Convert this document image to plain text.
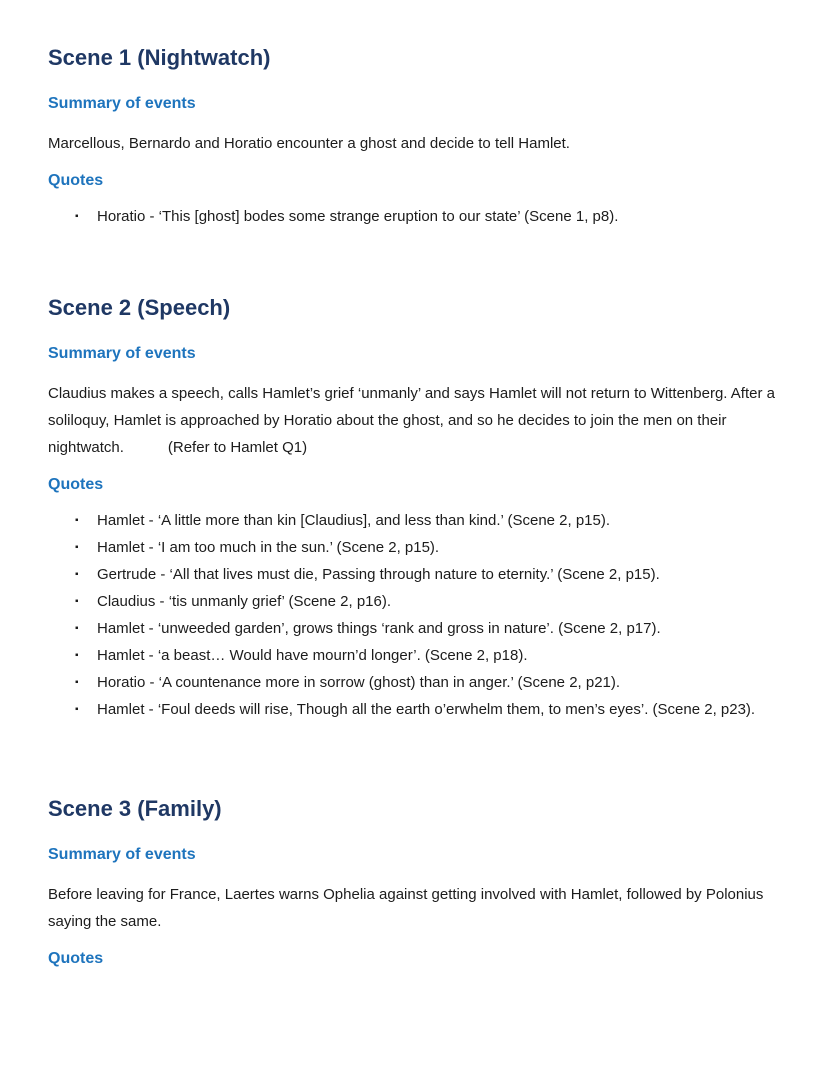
Scene 1 (Nightwatch)
Summary of events

Marcellous, Bernardo and Horatio encounter a ghost and decide to tell Hamlet.

Quotes
▪	Horatio - ‘This [ghost] bodes some strange eruption to our state’ (Scene 1, p8).
Scene 2 (Speech)
Summary of events

Claudius makes a speech, calls Hamlet’s grief ‘unmanly’ and says Hamlet will not return to Wittenberg. After a soliloquy, Hamlet is approached by Horatio about the ghost, and so he decides to join the men on their nightwatch.	(Refer to Hamlet Q1)

Quotes
▪	Hamlet - ‘A little more than kin [Claudius], and less than kind.’ (Scene 2, p15).
▪	Hamlet - ‘I am too much in the sun.’ (Scene 2, p15).
▪	Gertrude - ‘All that lives must die, Passing through nature to eternity.’ (Scene 2, p15).
▪	Claudius - ‘tis unmanly grief’ (Scene 2, p16).
▪	Hamlet - ‘unweeded garden’, grows things ‘rank and gross in nature’. (Scene 2, p17).
▪	Hamlet - ‘a beast… Would have mourn’d longer’. (Scene 2, p18).
▪	Horatio - ‘A countenance more in sorrow (ghost) than in anger.’ (Scene 2, p21).
▪	Hamlet - ‘Foul deeds will rise, Though all the earth o’erwhelm them, to men’s eyes’. (Scene 2, p23).
Scene 3 (Family)
Summary of events

Before leaving for France, Laertes warns Ophelia against getting involved with Hamlet, followed by Polonius saying the same.

Quotes
